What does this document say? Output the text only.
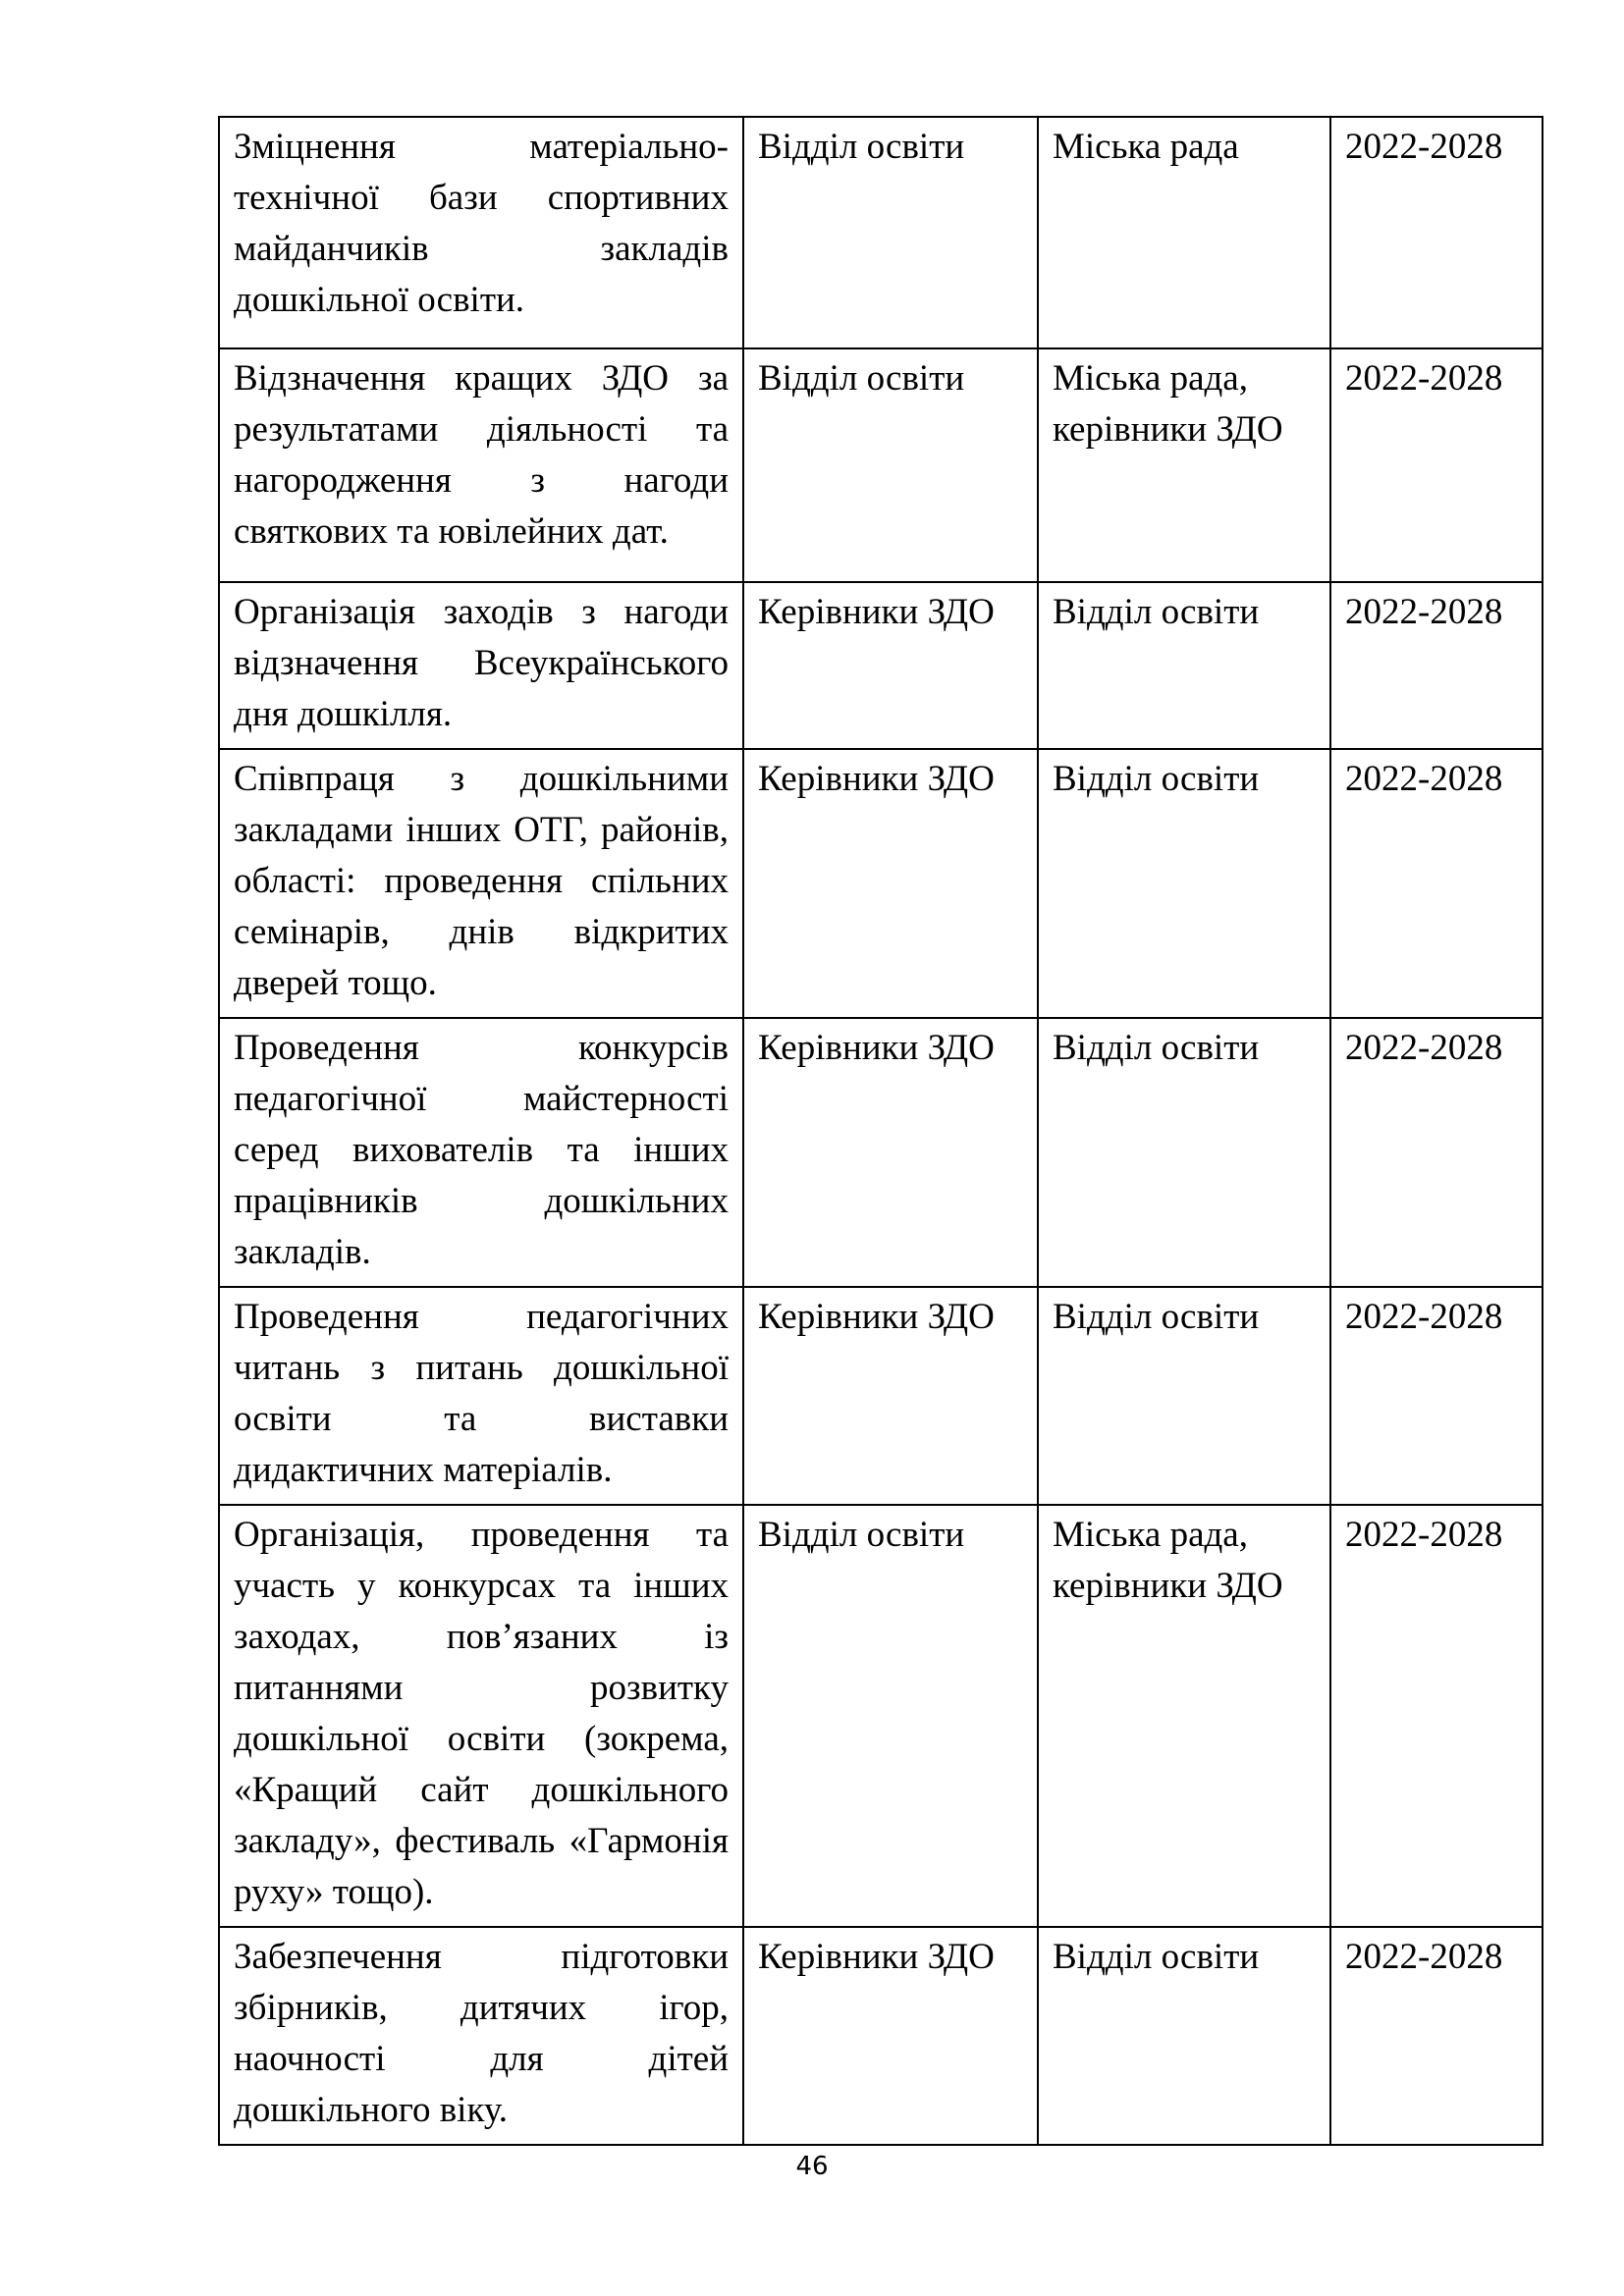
Зміцнення матеріально-технічної бази спортивних майданчиків закладів дошкільної освіти.	Відділ освіти	Міська рада	2022-2028
Відзначення кращих ЗДО за результатами діяльності та нагородження з нагоди святкових та ювілейних дат.	Відділ освіти	Міська рада, керівники ЗДО	2022-2028
Організація заходів з нагоди відзначення Всеукраїнського дня дошкілля.	Керівники ЗДО	Відділ освіти	2022-2028
Співпраця з дошкільними закладами інших ОТГ, районів, області: проведення спільних семінарів, днів відкритих дверей тощо.	Керівники ЗДО	Відділ освіти	2022-2028
Проведення конкурсів педагогічної майстерності серед вихователів та інших працівників дошкільних закладів.	Керівники ЗДО	Відділ освіти	2022-2028
Проведення педагогічних читань з питань дошкільної освіти та виставки дидактичних матеріалів.	Керівники ЗДО	Відділ освіти	2022-2028
Організація, проведення та участь у конкурсах та інших заходах, пов’язаних із питаннями розвитку дошкільної освіти (зокрема, «Кращий сайт дошкільного закладу», фестиваль «Гармонія руху» тощо).	Відділ освіти	Міська рада, керівники ЗДО	2022-2028
Забезпечення підготовки збірників, дитячих ігор, наочності для дітей дошкільного віку.	Керівники ЗДО	Відділ освіти	2022-2028
46
